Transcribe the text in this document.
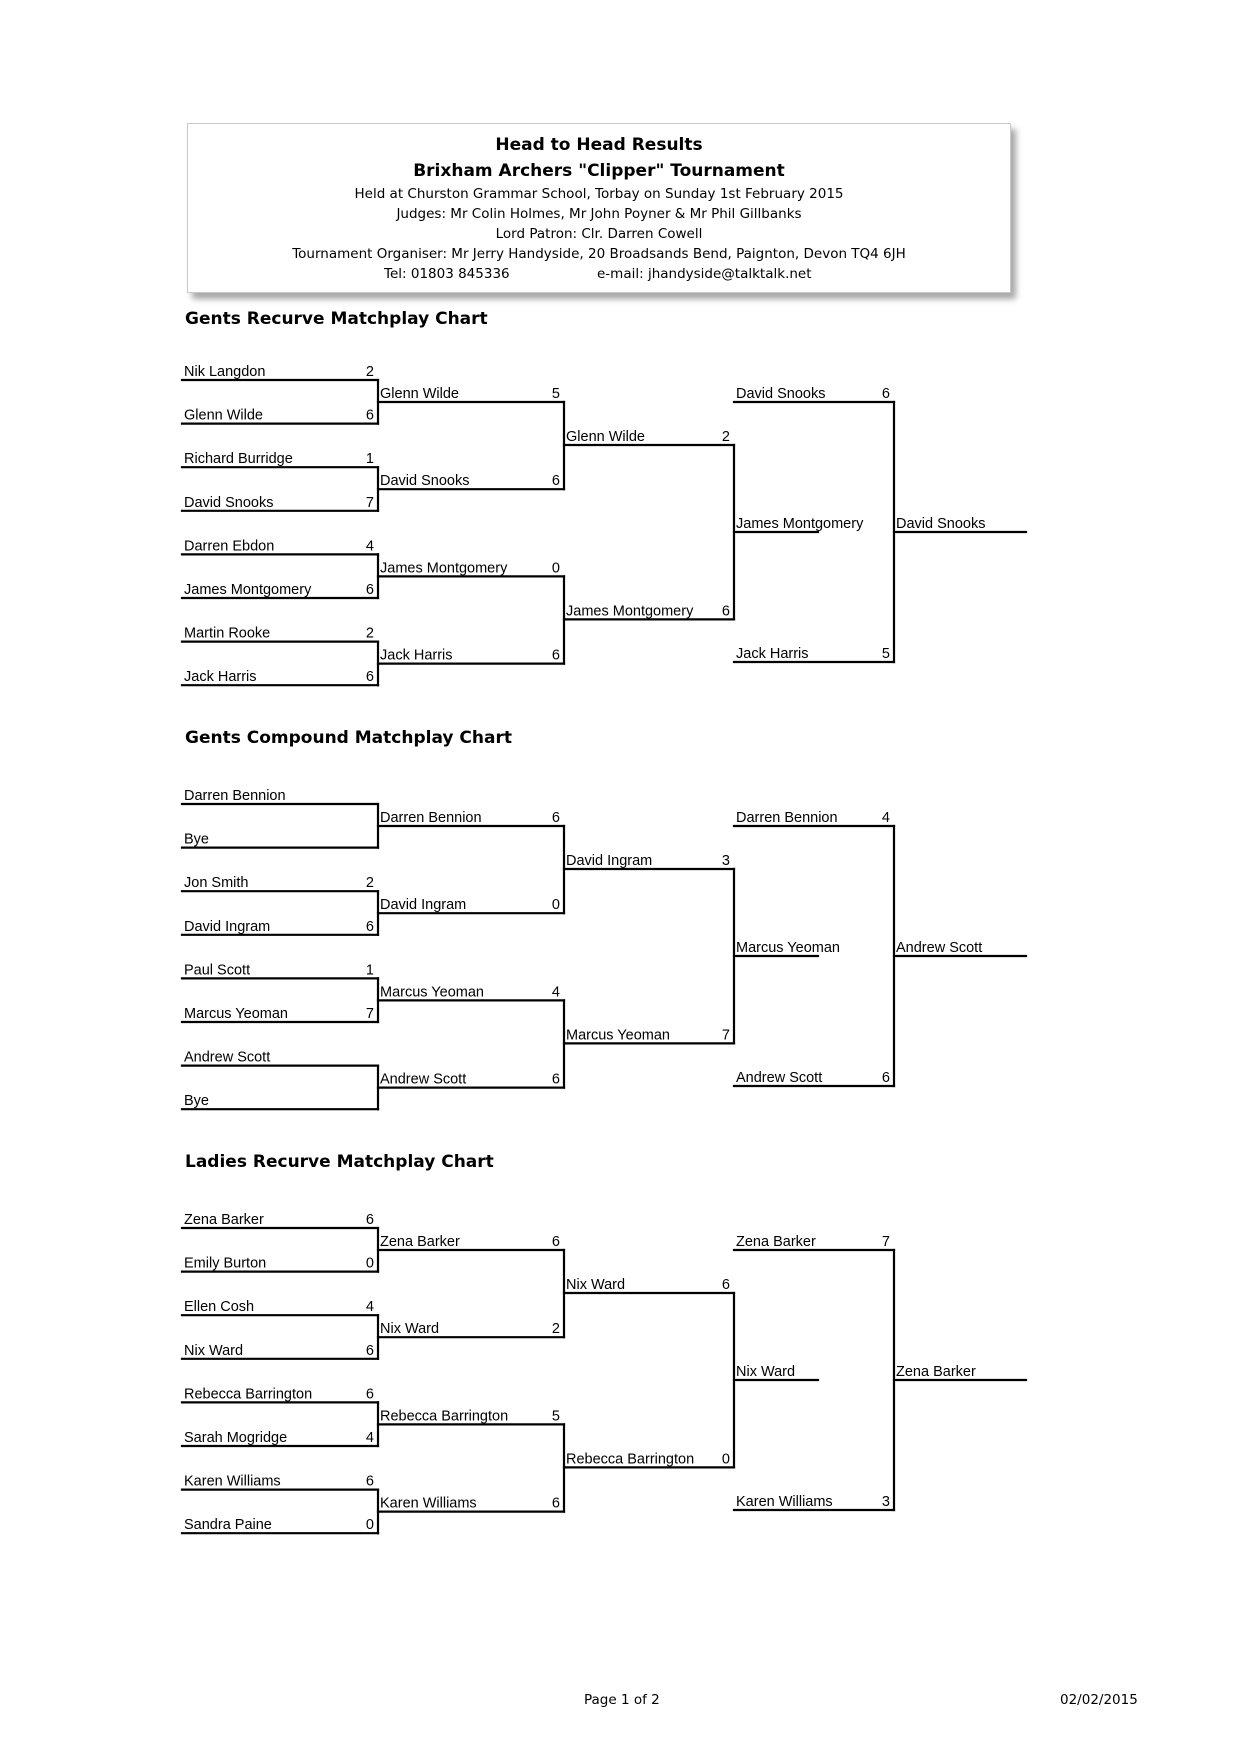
Head to Head Results
Brixham Archers "Clipper" Tournament
Held at Churston Grammar School, Torbay on Sunday 1st February 2015
Judges: Mr Colin Holmes, Mr John Poyner & Mr Phil Gillbanks
Lord Patron: Clr. Darren Cowell
Tournament Organiser: Mr Jerry Handyside, 20 Broadsands Bend, Paignton, Devon TQ4 6JH
Tel: 01803 845336	e-mail: jhandyside@talktalk.net
Gents Recurve Matchplay Chart
Nik Langdon	2
Glenn Wilde	6
Richard Burridge	1
David Snooks	7
Darren Ebdon	4
James Montgomery	6
Martin Rooke	2
Jack Harris	6
Glenn Wilde	5
David Snooks	6
James Montgomery	0
Jack Harris	6
Glenn Wilde	2
James Montgomery 6
James Montgomery
David Snooks	6
Jack Harris	5
David Snooks
Gents Compound Matchplay Chart
Darren Bennion
Bye
Jon Smith	2
David Ingram	6
Paul Scott	1
Marcus Yeoman	7
Andrew Scott
Bye
Darren Bennion	6
David Ingram	0
Marcus Yeoman	4
Andrew Scott	6
David Ingram	3
Marcus Yeoman	7
Marcus Yeoman
Darren Bennion	4
Andrew Scott	6
Andrew Scott
Ladies Recurve Matchplay Chart
Zena Barker	6
Emily Burton	0
Ellen Cosh	4
Nix Ward	6
Rebecca Barrington	6
Sarah Mogridge	4
Karen Williams	6
Sandra Paine	0
Zena Barker	6
Nix Ward	2
Rebecca Barrington	5
Karen Williams	6
Nix Ward	6
Rebecca Barrington 0
Nix Ward
Zena Barker	7
Karen Williams	3
Zena Barker
Page 1 of 2	02/02/2015
